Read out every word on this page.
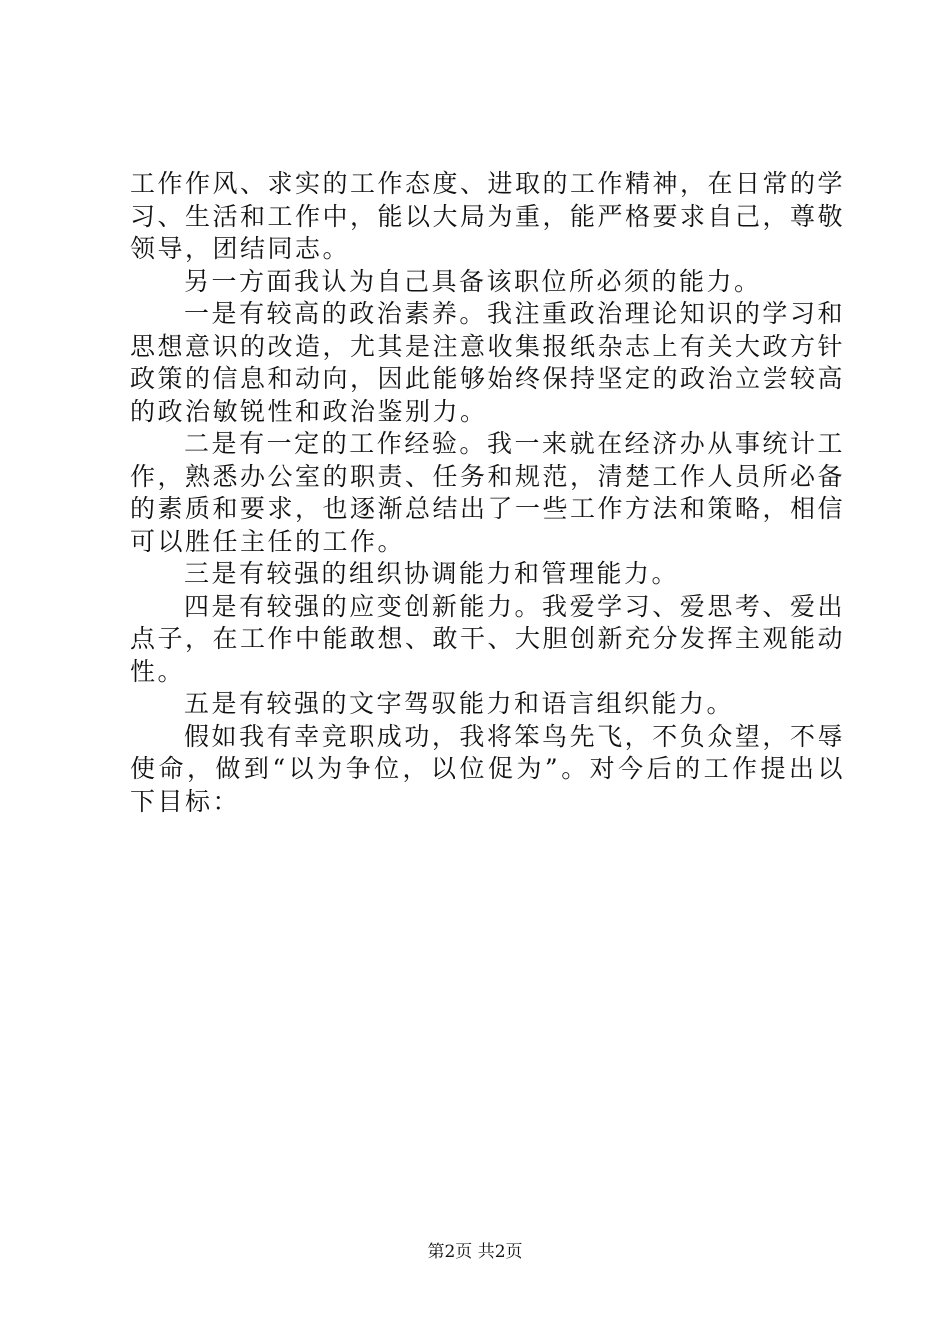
工作作风、求实的工作态度、进取的工作精神，在日常的学习、生活和工作中，能以大局为重，能严格要求自己，尊敬领导，团结同志。

另一方面我认为自己具备该职位所必须的能力。

一是有较高的政治素养。我注重政治理论知识的学习和思想意识的改造，尤其是注意收集报纸杂志上有关大政方针政策的信息和动向，因此能够始终保持坚定的政治立尝较高的政治敏锐性和政治鉴别力。

二是有一定的工作经验。我一来就在经济办从事统计工作，熟悉办公室的职责、任务和规范，清楚工作人员所必备的素质和要求，也逐渐总结出了一些工作方法和策略，相信可以胜任主任的工作。

三是有较强的组织协调能力和管理能力。

四是有较强的应变创新能力。我爱学习、爱思考、爱出点子，在工作中能敢想、敢干、大胆创新充分发挥主观能动性。

五是有较强的文字驾驭能力和语言组织能力。

假如我有幸竞职成功，我将笨鸟先飞，不负众望，不辱使命，做到“以为争位，以位促为”。对今后的工作提出以下目标：

第2页 共2页
